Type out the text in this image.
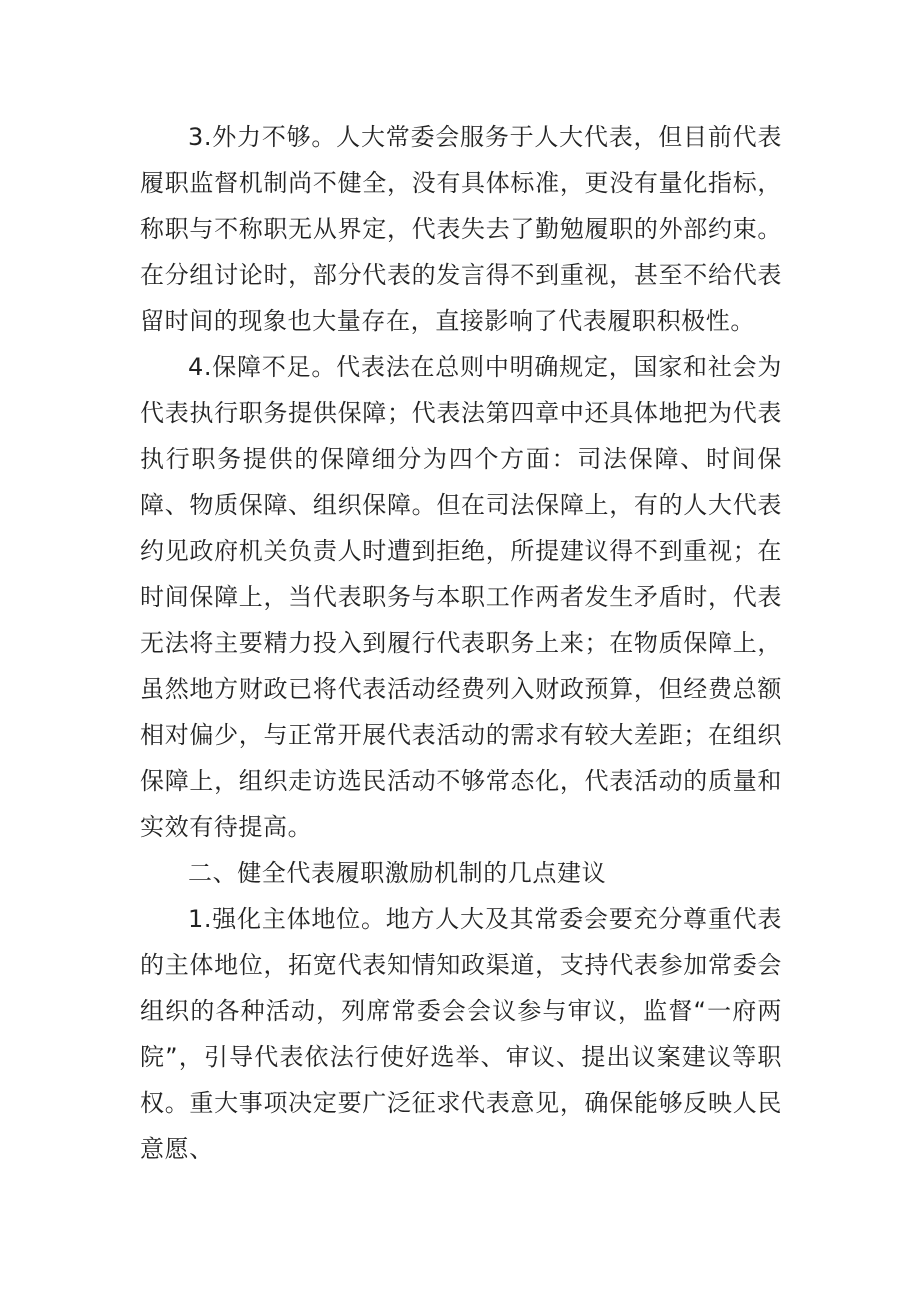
3.外力不够。人大常委会服务于人大代表，但目前代表履职监督机制尚不健全，没有具体标准，更没有量化指标，称职与不称职无从界定，代表失去了勤勉履职的外部约束。在分组讨论时，部分代表的发言得不到重视，甚至不给代表留时间的现象也大量存在，直接影响了代表履职积极性。

4.保障不足。代表法在总则中明确规定，国家和社会为代表执行职务提供保障；代表法第四章中还具体地把为代表执行职务提供的保障细分为四个方面：司法保障、时间保障、物质保障、组织保障。但在司法保障上，有的人大代表约见政府机关负责人时遭到拒绝，所提建议得不到重视；在时间保障上，当代表职务与本职工作两者发生矛盾时，代表无法将主要精力投入到履行代表职务上来；在物质保障上，虽然地方财政已将代表活动经费列入财政预算，但经费总额相对偏少，与正常开展代表活动的需求有较大差距；在组织保障上，组织走访选民活动不够常态化，代表活动的质量和实效有待提高。

二、健全代表履职激励机制的几点建议

1.强化主体地位。地方人大及其常委会要充分尊重代表的主体地位，拓宽代表知情知政渠道，支持代表参加常委会组织的各种活动，列席常委会会议参与审议，监督“一府两院”，引导代表依法行使好选举、审议、提出议案建议等职权。重大事项决定要广泛征求代表意见，确保能够反映人民意愿、
